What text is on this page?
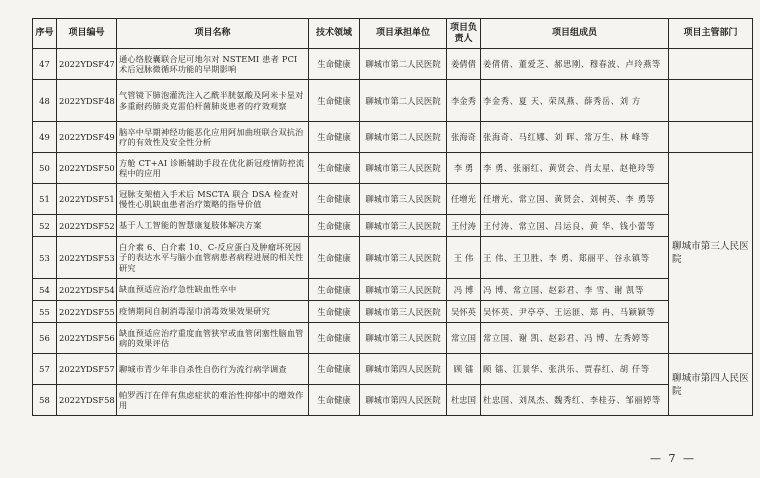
序号	项目编号	项目名称	技术领域	项目承担单位	项目负责人	项目组成员	项目主管部门
47	2022YDSF47	通心络胶囊联合尼可地尔对 NSTEMI 患者 PCI 术后冠脉微循环功能的早期影响	生命健康	聊城市第二人民医院	姜倩倩	姜倩倩、董爱芝、郝思刚、穆春波、卢玲燕等	
48	2022YDSF48	气管镜下肺泡灌洗注入乙酰半胱氨酸及阿米卡星对多重耐药肺炎克雷伯杆菌肺炎患者的疗效观察	生命健康	聊城市第二人民医院	李金秀	李金秀、夏 天、荣凤燕、薛秀岳、刘 方	
49	2022YDSF49	脑卒中早期神经功能恶化应用阿加曲班联合双抗治疗的有效性及安全性分析	生命健康	聊城市第二人民医院	张海奇	张海奇、马红娜、刘 晖、常万生、林 峰等	
50	2022YDSF50	方舱 CT+AI 诊断辅助手段在优化新冠疫情防控流程中的应用	生命健康	聊城市第三人民医院	李 勇	李 勇、张丽红、黄贤会、肖太星、赵艳玲等	聊城市第三人民医院
51	2022YDSF51	冠脉支架植入手术后 MSCTA 联合 DSA 检查对慢性心肌缺血患者治疗策略的指导价值	生命健康	聊城市第三人民医院	任增光	任增光、常立国、黄贤会、刘树英、李 勇等	
52	2022YDSF52	基于人工智能的智慧康复肢体解决方案	生命健康	聊城市第三人民医院	王付涛	王付涛、常立国、吕运良、黄 华、钱小蕾等	
53	2022YDSF53	白介素 6、白介素 10、C-反应蛋白及肿瘤坏死因子的表达水平与脑小血管病患者病程进展的相关性研究	生命健康	聊城市第三人民医院	王 伟	王 伟、王卫胜、李 勇、郑丽平、谷永镇等	
54	2022YDSF54	缺血预适应治疗急性缺血性卒中	生命健康	聊城市第三人民医院	冯 博	冯 博、常立国、赵彩君、李 雪、谢 凯等	
55	2022YDSF55	疫情期间自制消毒湿巾消毒效果效果研究	生命健康	聊城市第三人民医院	吴怀英	吴怀英、尹亭亭、王运匪、郑 冉、马颖颖等	
56	2022YDSF56	缺血预适应治疗重度血管狭窄或血管闭塞性脑血管病的效果评估	生命健康	聊城市第三人民医院	常立国	常立国、谢 凯、赵彩君、冯 博、左秀婷等	
57	2022YDSF57	聊城市青少年非自杀性自伤行为流行病学调查	生命健康	聊城市第四人民医院	顾 镭	顾 镭、江景华、张洪乐、贾春红、胡 仟等	聊城市第四人民医院
58	2022YDSF58	帕罗西汀在伴有焦虑症状的难治性抑郁中的增效作用	生命健康	聊城市第四人民医院	杜忠国	杜忠国、刘凤杰、魏秀红、李桂芬、邹丽婷等	
— 7 —
